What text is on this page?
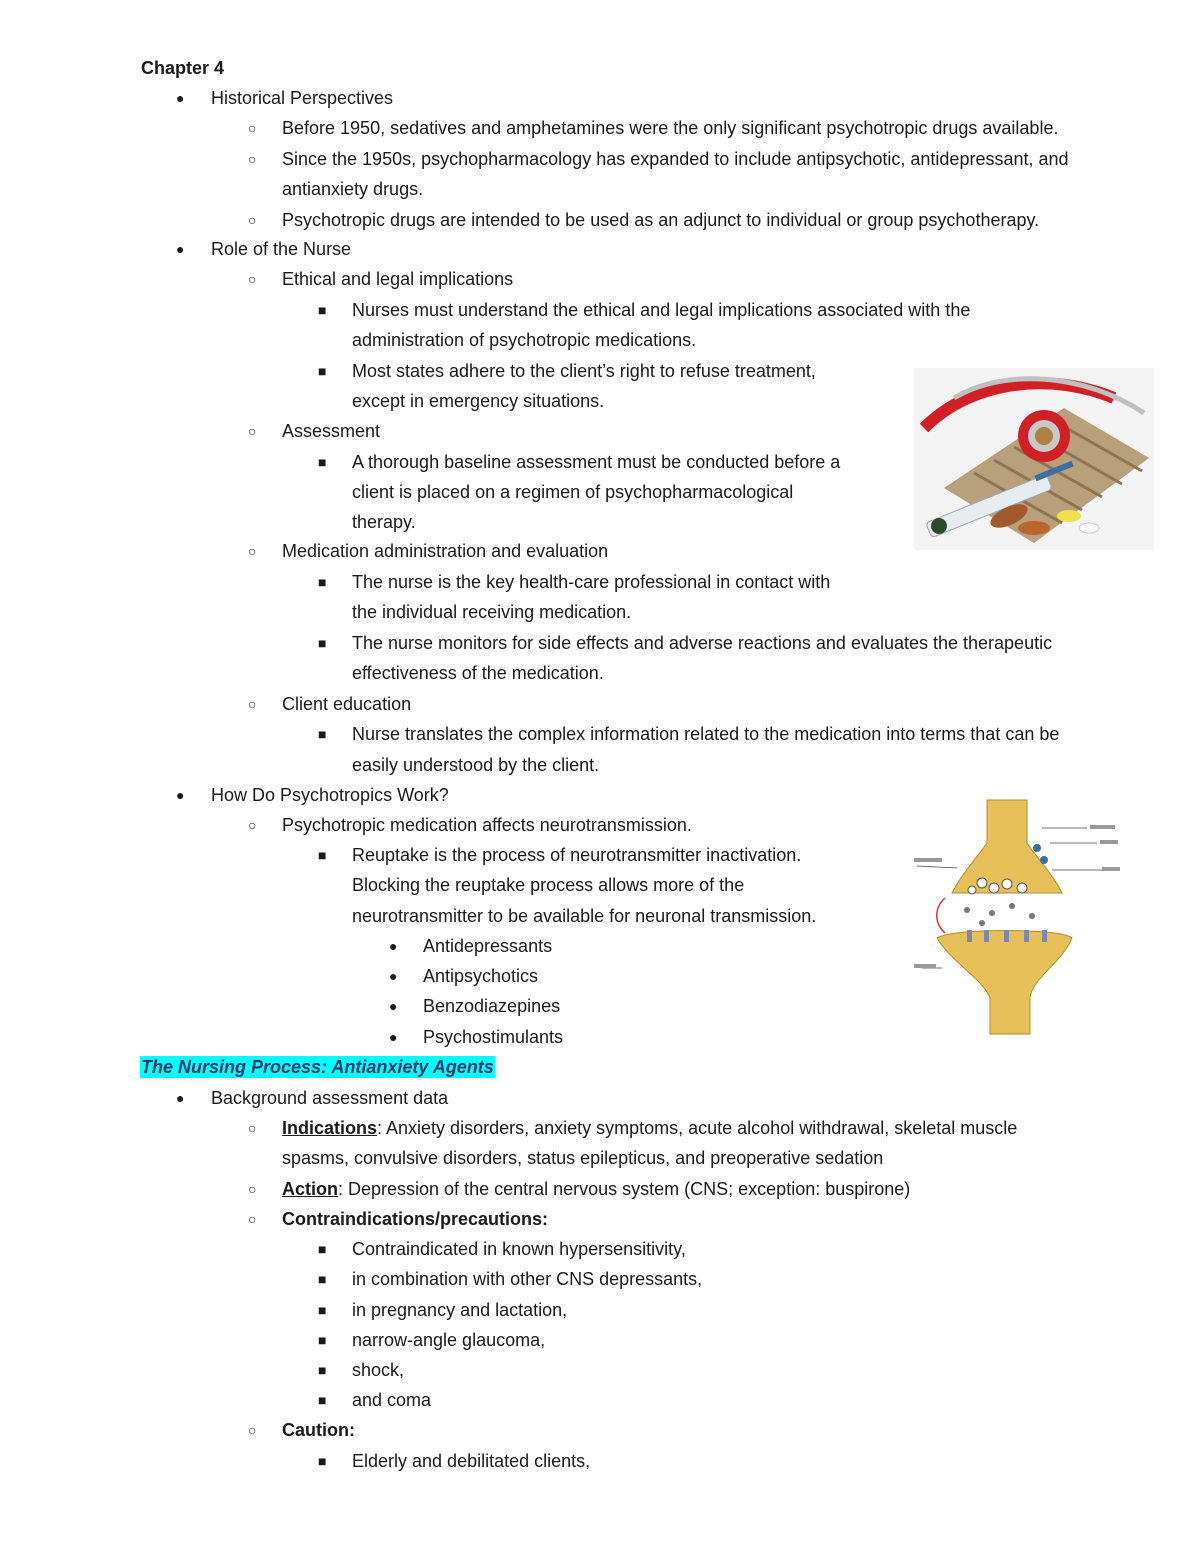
Chapter 4
● Historical Perspectives
○ Before 1950, sedatives and amphetamines were the only significant psychotropic drugs available.
○ Since the 1950s, psychopharmacology has expanded to include antipsychotic, antidepressant, and
antianxiety drugs.
○ Psychotropic drugs are intended to be used as an adjunct to individual or group psychotherapy.
● Role of the Nurse
○ Ethical and legal implications
■ Nurses must understand the ethical and legal implications associated with the
administration of psychotropic medications.
■ Most states adhere to the client’s right to refuse treatment,
except in emergency situations.
○ Assessment
■ A thorough baseline assessment must be conducted before a
client is placed on a regimen of psychopharmacological
therapy.
○ Medication administration and evaluation
■ The nurse is the key health-care professional in contact with
the individual receiving medication.
■ The nurse monitors for side effects and adverse reactions and evaluates the therapeutic
effectiveness of the medication.
○ Client education
■ Nurse translates the complex information related to the medication into terms that can be
easily understood by the client.
● How Do Psychotropics Work?
○ Psychotropic medication affects neurotransmission.
■ Reuptake is the process of neurotransmitter inactivation.
Blocking the reuptake process allows more of the
neurotransmitter to be available for neuronal transmission.
● Antidepressants
● Antipsychotics
● Benzodiazepines
● Psychostimulants
The Nursing Process: Antianxiety Agents
● Background assessment data
○ Indications: Anxiety disorders, anxiety symptoms, acute alcohol withdrawal, skeletal muscle
spasms, convulsive disorders, status epilepticus, and preoperative sedation
○ Action: Depression of the central nervous system (CNS; exception: buspirone)
○ Contraindications/precautions:
■ Contraindicated in known hypersensitivity,
■ in combination with other CNS depressants,
■ in pregnancy and lactation,
■ narrow-angle glaucoma,
■ shock,
■ and coma
○ Caution:
■ Elderly and debilitated clients,
